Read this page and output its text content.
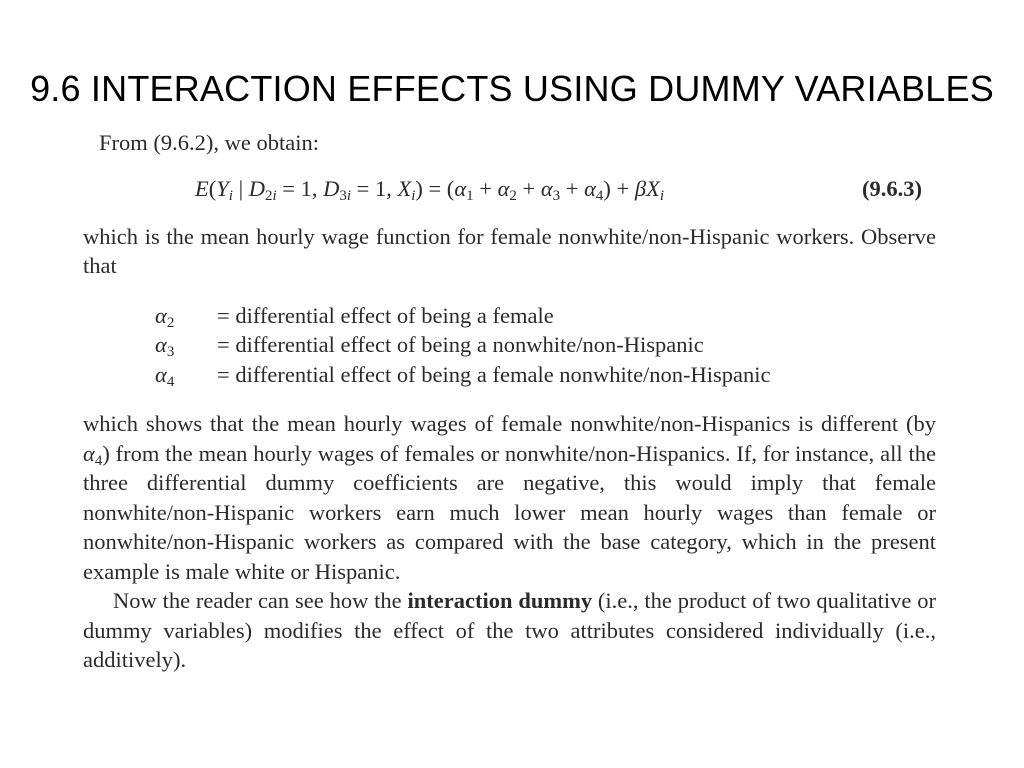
9.6 INTERACTION EFFECTS USING DUMMY VARIABLES

From (9.6.2), we obtain:

$E(Y_i$ | $D_{2i} = 1$, $D_{3i} = 1$, $X_i) = (\alpha_1 + \alpha_2 + \alpha_3 + \alpha_4) + \beta X_i$	(9.6.3)

which is the mean hourly wage function for female nonwhite/non-Hispanic workers. Observe that

$\alpha_2$	= differential effect of being a female
$\alpha_3$	= differential effect of being a nonwhite/non-Hispanic
$\alpha_4$	= differential effect of being a female nonwhite/non-Hispanic

which shows that the mean hourly wages of female nonwhite/non-Hispanics is different (by $\alpha_4$) from the mean hourly wages of females or nonwhite/non-Hispanics. If, for instance, all the three differential dummy coefficients are negative, this would imply that female nonwhite/non-Hispanic workers earn much lower mean hourly wages than female or nonwhite/non-Hispanic workers as compared with the base category, which in the present example is male white or Hispanic.

Now the reader can see how the interaction dummy (i.e., the product of two qualitative or dummy variables) modifies the effect of the two attributes considered individually (i.e., additively).
